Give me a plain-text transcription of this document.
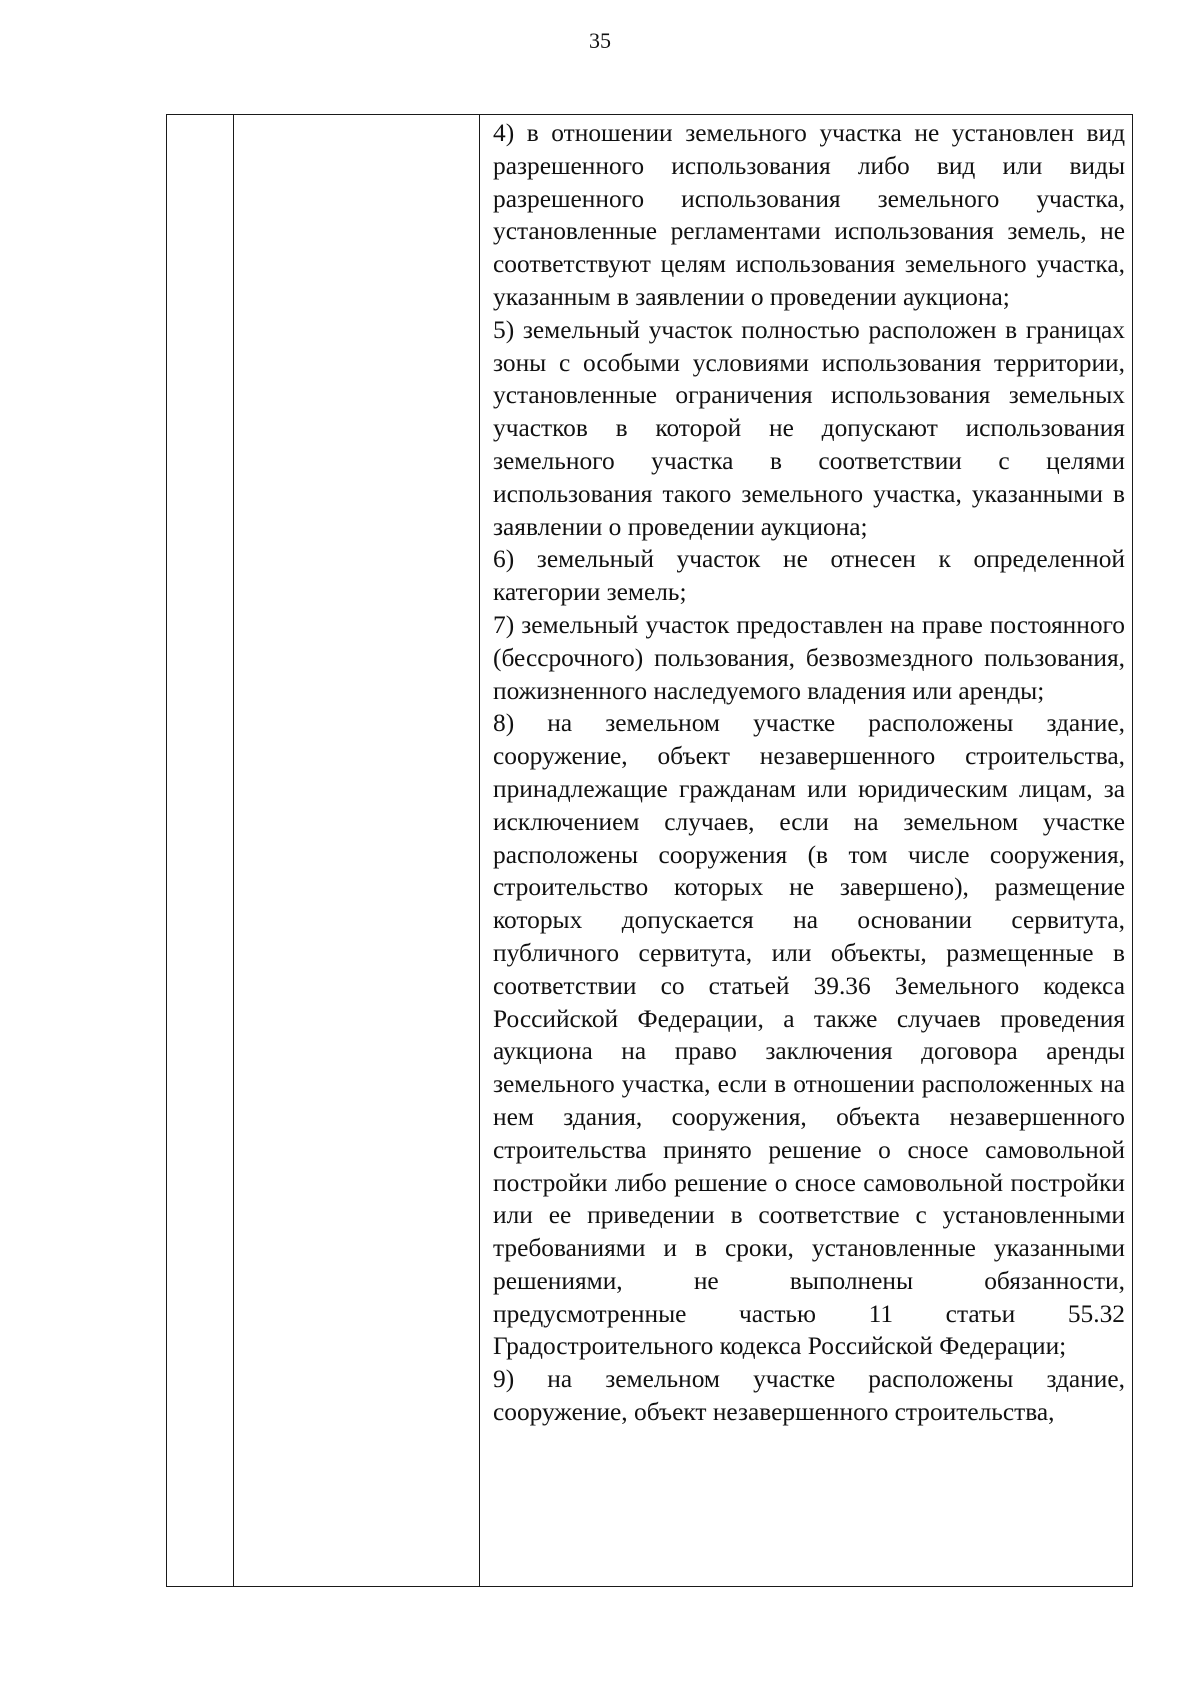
35

4) в отношении земельного участка не установлен вид разрешенного использования либо вид или виды разрешенного использования земельного участка, установленные регламентами использования земель, не соответствуют целям использования земельного участка, указанным в заявлении о проведении аукциона;

5) земельный участок полностью расположен в границах зоны с особыми условиями использования территории, установленные ограничения использования земельных участков в которой не допускают использования земельного участка в соответствии с целями использования такого земельного участка, указанными в заявлении о проведении аукциона;

6) земельный участок не отнесен к определенной категории земель;

7) земельный участок предоставлен на праве постоянного (бессрочного) пользования, безвозмездного пользования, пожизненного наследуемого владения или аренды;

8) на земельном участке расположены здание, сооружение, объект незавершенного строительства, принадлежащие гражданам или юридическим лицам, за исключением случаев, если на земельном участке расположены сооружения (в том числе сооружения, строительство которых не завершено), размещение которых допускается на основании сервитута, публичного сервитута, или объекты, размещенные в соответствии со статьей 39.36 Земельного кодекса Российской Федерации, а также случаев проведения аукциона на право заключения договора аренды земельного участка, если в отношении расположенных на нем здания, сооружения, объекта незавершенного строительства принято решение о сносе самовольной постройки либо решение о сносе самовольной постройки или ее приведении в соответствие с установленными требованиями и в сроки, установленные указанными решениями, не выполнены обязанности, предусмотренные частью 11 статьи 55.32 Градостроительного кодекса Российской Федерации;

9) на земельном участке расположены здание, сооружение, объект незавершенного строительства,
